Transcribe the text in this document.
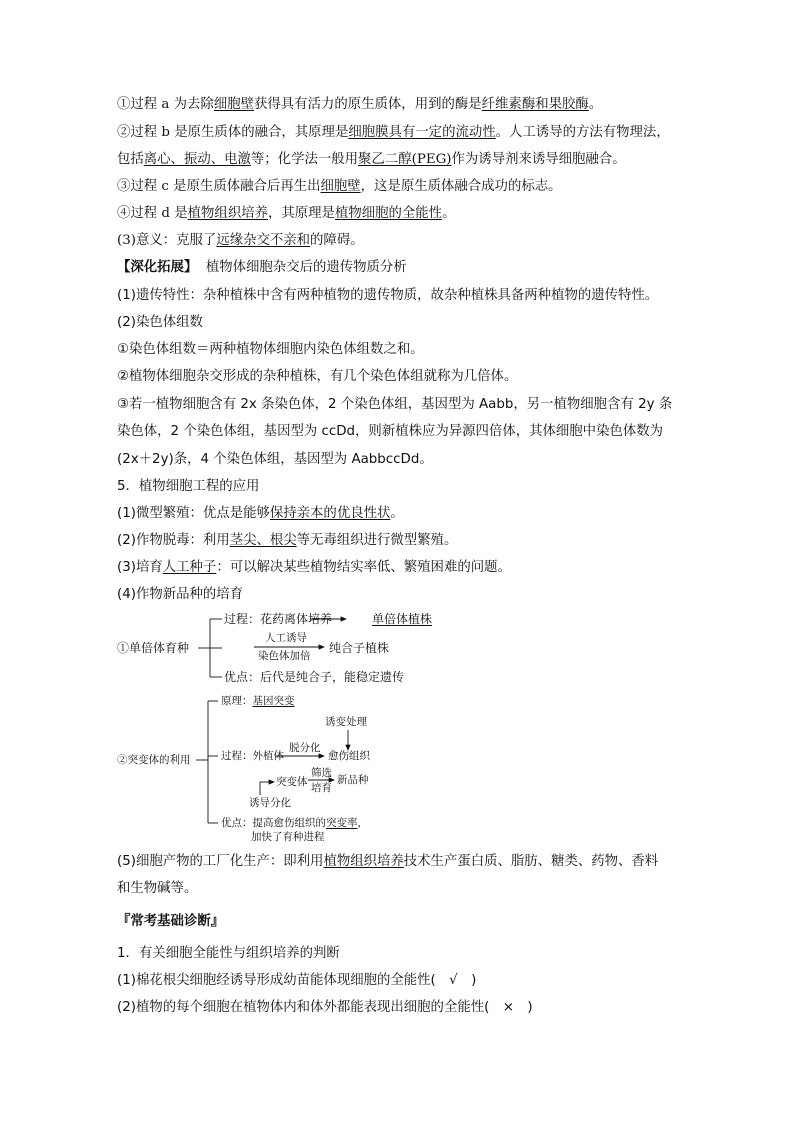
①过程 a 为去除细胞壁获得具有活力的原生质体，用到的酶是纤维素酶和果胶酶。
②过程 b 是原生质体的融合，其原理是细胞膜具有一定的流动性。人工诱导的方法有物理法，
包括离心、振动、电激等；化学法一般用聚乙二醇(PEG)作为诱导剂来诱导细胞融合。
③过程 c 是原生质体融合后再生出细胞壁，这是原生质体融合成功的标志。
④过程 d 是植物组织培养，其原理是植物细胞的全能性。
(3)意义：克服了远缘杂交不亲和的障碍。
【深化拓展】 植物体细胞杂交后的遗传物质分析
(1)遗传特性：杂种植株中含有两种植物的遗传物质，故杂种植株具备两种植物的遗传特性。
(2)染色体组数
①染色体组数＝两种植物体细胞内染色体组数之和。
②植物体细胞杂交形成的杂种植株，有几个染色体组就称为几倍体。
③若一植物细胞含有 2x 条染色体，2 个染色体组，基因型为 Aabb，另一植物细胞含有 2y 条
染色体，2 个染色体组，基因型为 ccDd，则新植株应为异源四倍体，其体细胞中染色体数为
(2x＋2y)条，4 个染色体组，基因型为 AabbccDd。
5．植物细胞工程的应用
(1)微型繁殖：优点是能够保持亲本的优良性状。
(2)作物脱毒：利用茎尖、根尖等无毒组织进行微型繁殖。
(3)培育人工种子：可以解决某些植物结实率低、繁殖困难的问题。
(4)作物新品种的培育
①单倍体育种
过程：花药离体培养	单倍体植株
人工诱导
染色体加倍
纯合子植株
优点：后代是纯合子，能稳定遗传
②突变体的利用
原理：基因突变
诱变处理
过程：外植体
脱分化
愈伤组织
突变体
筛选
培育
新品种
诱导分化
优点：提高愈伤组织的突变率，
加快了育种进程
(5)细胞产物的工厂化生产：即利用植物组织培养技术生产蛋白质、脂肪、糖类、药物、香料
和生物碱等。
『常考基础诊断』
1．有关细胞全能性与组织培养的判断
(1)棉花根尖细胞经诱导形成幼苗能体现细胞的全能性(　√　)
(2)植物的每个细胞在植物体内和体外都能表现出细胞的全能性(　×　)
